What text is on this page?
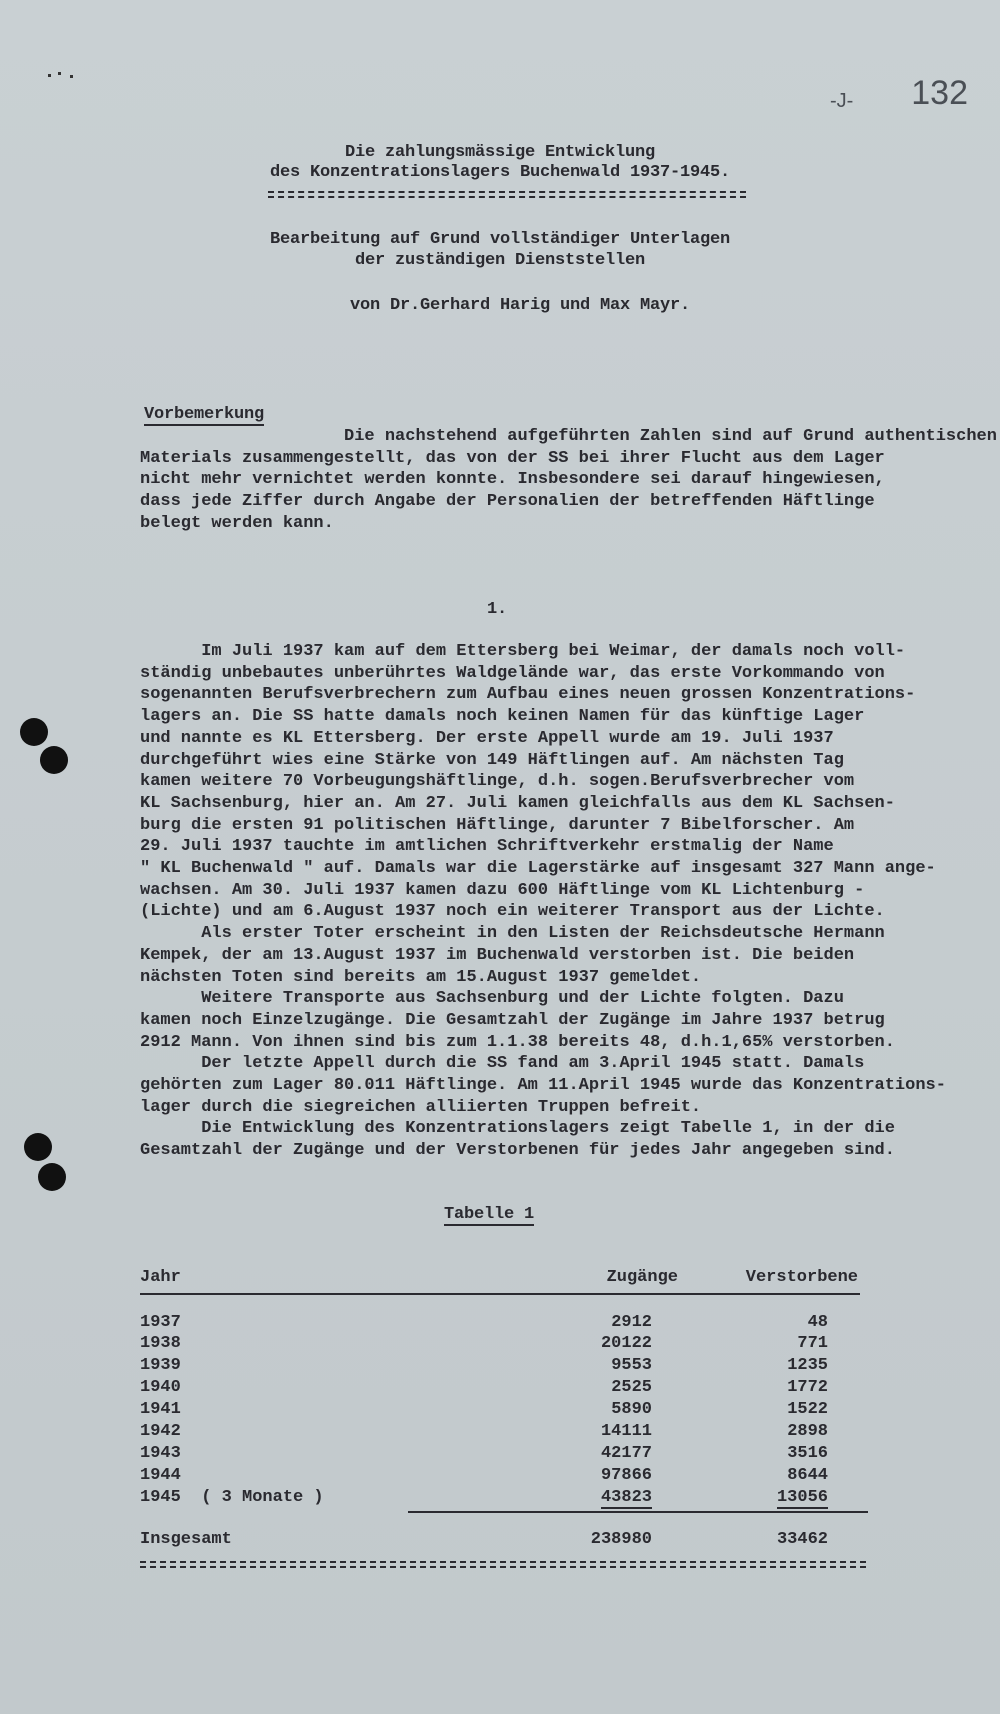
-J- 132
Die zahlungsmässige Entwicklung
des Konzentrationslagers Buchenwald 1937-1945.
Bearbeitung auf Grund vollständiger Unterlagen
der zuständigen Dienststellen
von Dr.Gerhard Harig und Max Mayr.
Vorbemerkung

Die nachstehend aufgeführten Zahlen sind auf Grund authentischen

Materials zusammengestellt, das von der SS bei ihrer Flucht aus dem Lager

nicht mehr vernichtet werden konnte. Insbesondere sei darauf hingewiesen,

dass jede Ziffer durch Angabe der Personalien der betreffenden Häftlinge

belegt werden kann.

1.

Im Juli 1937 kam auf dem Ettersberg bei Weimar, der damals noch voll-

ständig unbebautes unberührtes Waldgelände war, das erste Vorkommando von

sogenannten Berufsverbrechern zum Aufbau eines neuen grossen Konzentrations-

lagers an. Die SS hatte damals noch keinen Namen für das künftige Lager

und nannte es KL Ettersberg. Der erste Appell wurde am 19. Juli 1937

durchgeführt wies eine Stärke von 149 Häftlingen auf. Am nächsten Tag

kamen weitere 70 Vorbeugungshäftlinge, d.h. sogen.Berufsverbrecher vom

KL Sachsenburg, hier an. Am 27. Juli kamen gleichfalls aus dem KL Sachsen-

burg die ersten 91 politischen Häftlinge, darunter 7 Bibelforscher. Am

29. Juli 1937 tauchte im amtlichen Schriftverkehr erstmalig der Name

" KL Buchenwald " auf. Damals war die Lagerstärke auf insgesamt 327 Mann ange-

wachsen. Am 30. Juli 1937 kamen dazu 600 Häftlinge vom KL Lichtenburg -

(Lichte) und am 6.August 1937 noch ein weiterer Transport aus der Lichte.

Als erster Toter erscheint in den Listen der Reichsdeutsche Hermann

Kempek, der am 13.August 1937 im Buchenwald verstorben ist. Die beiden

nächsten Toten sind bereits am 15.August 1937 gemeldet.

Weitere Transporte aus Sachsenburg und der Lichte folgten. Dazu

kamen noch Einzelzugänge. Die Gesamtzahl der Zugänge im Jahre 1937 betrug

2912 Mann. Von ihnen sind bis zum 1.1.38 bereits 48, d.h.1,65% verstorben.

Der letzte Appell durch die SS fand am 3.April 1945 statt. Damals

gehörten zum Lager 80.011 Häftlinge. Am 11.April 1945 wurde das Konzentrations-

lager durch die siegreichen alliierten Truppen befreit.

Die Entwicklung des Konzentrationslagers zeigt Tabelle 1, in der die

Gesamtzahl der Zugänge und der Verstorbenen für jedes Jahr angegeben sind.

Tabelle 1
Jahr	Zugänge	Verstorbene
1937	2912	48
1938	20122	771
1939	9553	1235
1940	2525	1772
1941	5890	1522
1942	14111	2898
1943	42177	3516
1944	97866	8644
1945  ( 3 Monate )	43823	13056
Insgesamt	238980	33462
